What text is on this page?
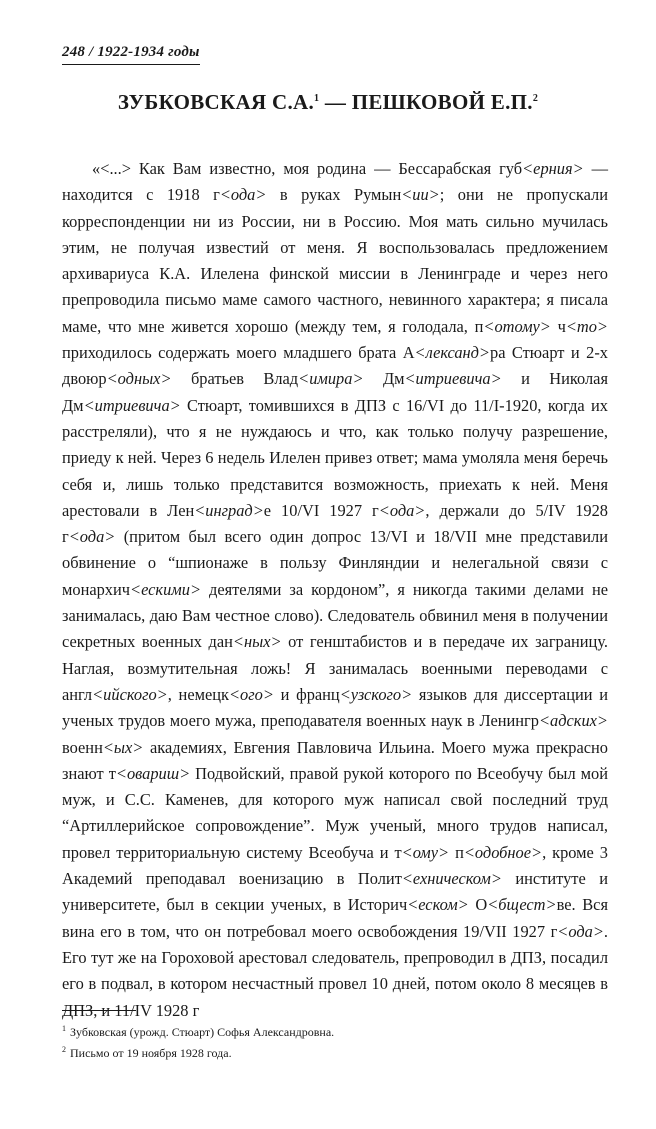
248 / 1922-1934 годы
ЗУБКОВСКАЯ С.А.$^1$ — ПЕШКОВОЙ Е.П.$^2$

«<...> Как Вам известно, моя родина — Бессарабская губ<ерния> — находится с 1918 г<ода> в руках Румын<ии>; они не пропускали корреспонденции ни из России, ни в Россию. Моя мать сильно мучилась этим, не получая известий от меня. Я воспользовалась предложением архивариуса К.А. Илелена финской миссии в Ленинграде и через него препроводила письмо маме самого частного, невинного характера; я писала маме, что мне живется хорошо (между тем, я голодала, п<отому> ч<то> приходилось содержать моего младшего брата А<лександ>ра Стюарт и 2-х двоюр<одных> братьев Влад<имира> Дм<итриевича> и Николая Дм<итриевича> Стюарт, томившихся в ДПЗ с 16/VI до 11/I-1920, когда их расстреляли), что я не нуждаюсь и что, как только получу разрешение, приеду к ней. Через 6 недель Илелен привез ответ; мама умоляла меня беречь себя и, лишь только представится возможность, приехать к ней. Меня арестовали в Лен<инград>е 10/VI 1927 г<ода>, держали до 5/IV 1928 г<ода> (притом был всего один допрос 13/VI и 18/VII мне представили обвинение о “шпионаже в пользу Финляндии и нелегальной связи с монархич<ескими> деятелями за кордоном”, я никогда такими делами не занималась, даю Вам честное слово). Следователь обвинил меня в получении секретных военных дан<ных> от генштабистов и в передаче их заграницу. Наглая, возмутительная ложь! Я занималась военными переводами с англ<ийского>, немецк<ого> и франц<узского> языков для диссертации и ученых трудов моего мужа, преподавателя военных наук в Ленингр<адских> военн<ых> академиях, Евгения Павловича Ильина. Моего мужа прекрасно знают т<овариш> Подвойский, правой рукой которого по Всеобучу был мой муж, и С.С. Каменев, для которого муж написал свой последний труд “Артиллерийское сопровождение”. Муж ученый, много трудов написал, провел территориальную систему Всеобуча и т<ому> п<одобное>, кроме 3 Академий преподавал военизацию в Полит<ехническом> институте и университете, был в секции ученых, в Историч<еском> О<бщест>ве. Вся вина его в том, что он потребовал моего освобождения 19/VII 1927 г<ода>. Его тут же на Гороховой арестовал следователь, препроводил в ДПЗ, посадил его в подвал, в котором несчастный провел 10 дней, потом около 8 месяцев в ДПЗ, и 11/IV 1928 г

$^1$ Зубковская (урожд. Стюарт) Софья Александровна.
$^2$ Письмо от 19 ноября 1928 года.
